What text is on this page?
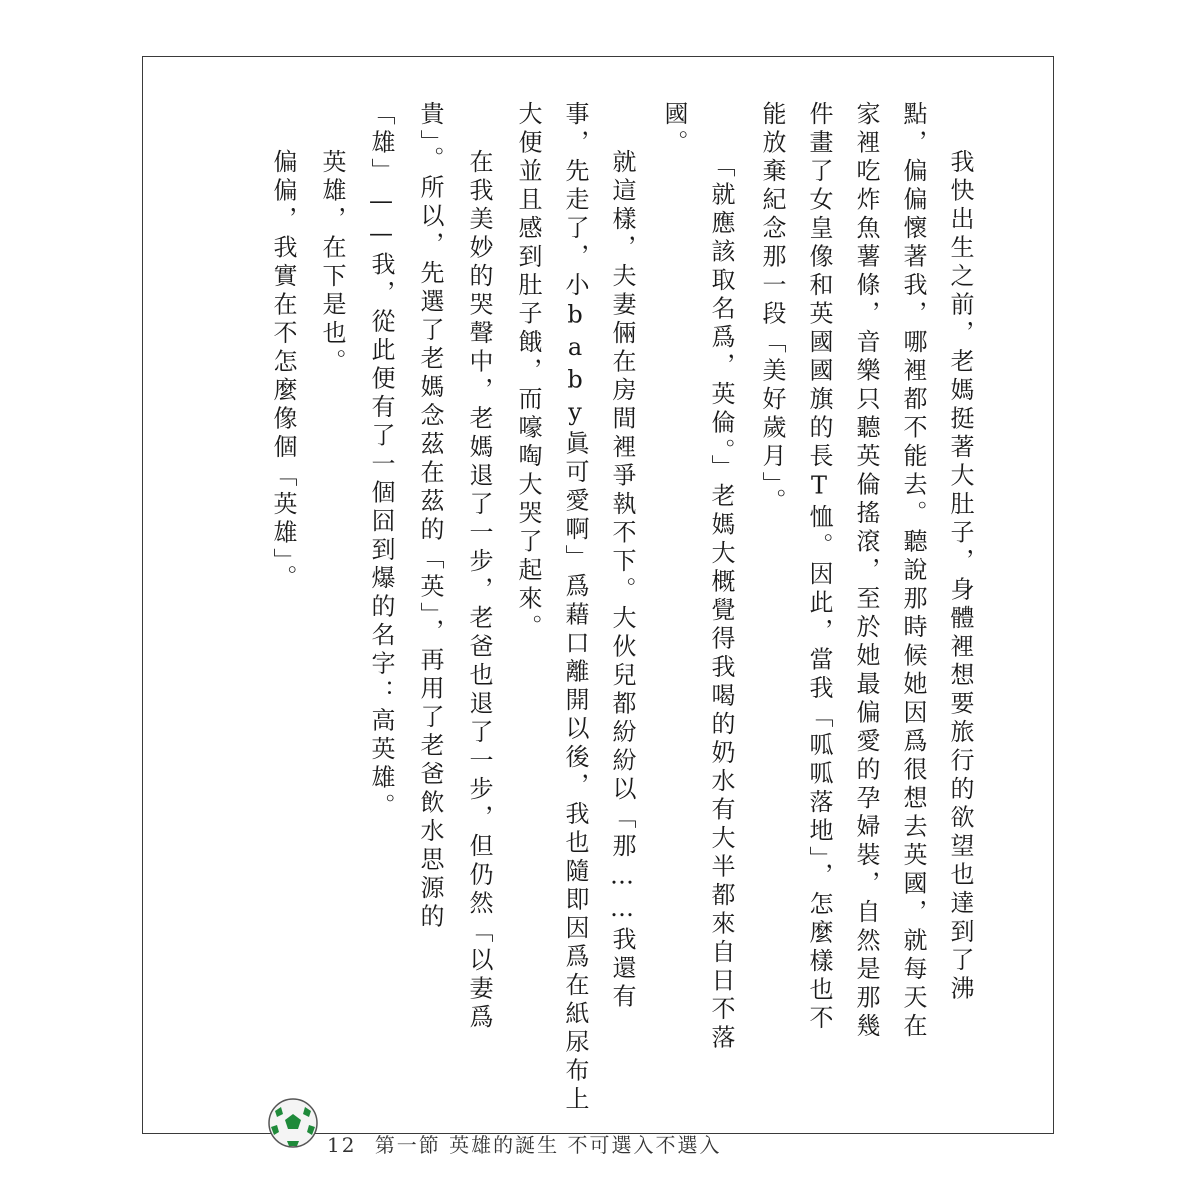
我快出生之前，老媽挺著大肚子，身體裡想要旅行的欲望也達到了沸
點，偏偏懷著我，哪裡都不能去。聽說那時候她因爲很想去英國，就每天在
家裡吃炸魚薯條，音樂只聽英倫搖滾，至於她最偏愛的孕婦裝，自然是那幾
件畫了女皇像和英國國旗的長T恤。因此，當我「呱呱落地」，怎麼樣也不
能放棄紀念那一段「美好歲月」。
「就應該取名爲，英倫。」老媽大概覺得我喝的奶水有大半都來自日不落
國。
就這樣，夫妻倆在房間裡爭執不下。大伙兒都紛紛以「那……我還有
事，先走了，小baby眞可愛啊」爲藉口離開以後，我也隨即因爲在紙尿布上
大便並且感到肚子餓，而嚎啕大哭了起來。
在我美妙的哭聲中，老媽退了一步，老爸也退了一步，但仍然「以妻爲
貴」。所以，先選了老媽念茲在茲的「英」，再用了老爸飲水思源的
「雄」——我，從此便有了一個囧到爆的名字：高英雄。
英雄，在下是也。
偏偏，我實在不怎麼像個「英雄」。
12 第一節 英雄的誕生 不可選入不選入
